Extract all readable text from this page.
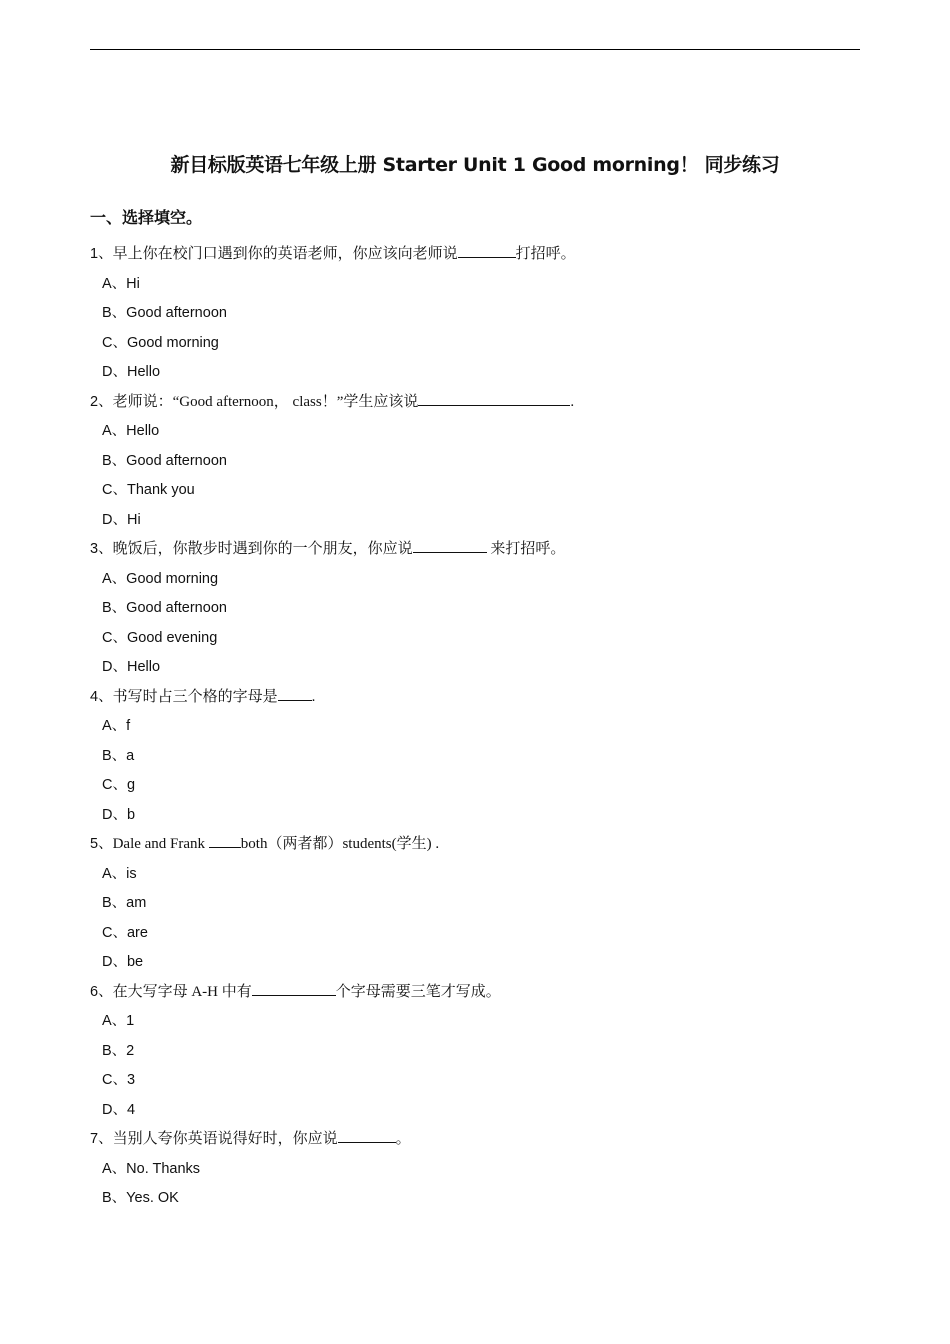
新目标版英语七年级上册 Starter Unit 1 Good morning！ 同步练习
一、选择填空。
1、早上你在校门口遇到你的英语老师，你应该向老师说	打招呼。
A、Hi
B、Good afternoon
C、Good morning
D、Hello
2、老师说：“Good afternoon， class！”学生应该说	.
A、Hello
B、Good afternoon
C、Thank you
D、Hi
3、晚饭后，你散步时遇到你的一个朋友，你应说	来打招呼。
A、Good morning
B、Good afternoon
C、Good evening
D、Hello
4、书写时占三个格的字母是 .
A、f
B、a
C、g
D、b
5、Dale and Frank both（两者都）students(学生) .
A、is
B、am
C、are
D、be
6、在大写字母 A-H 中有	个字母需要三笔才写成。
A、1
B、2
C、3
D、4
7、当别人夸你英语说得好时，你应说	。
A、No. Thanks
B、Yes. OK
